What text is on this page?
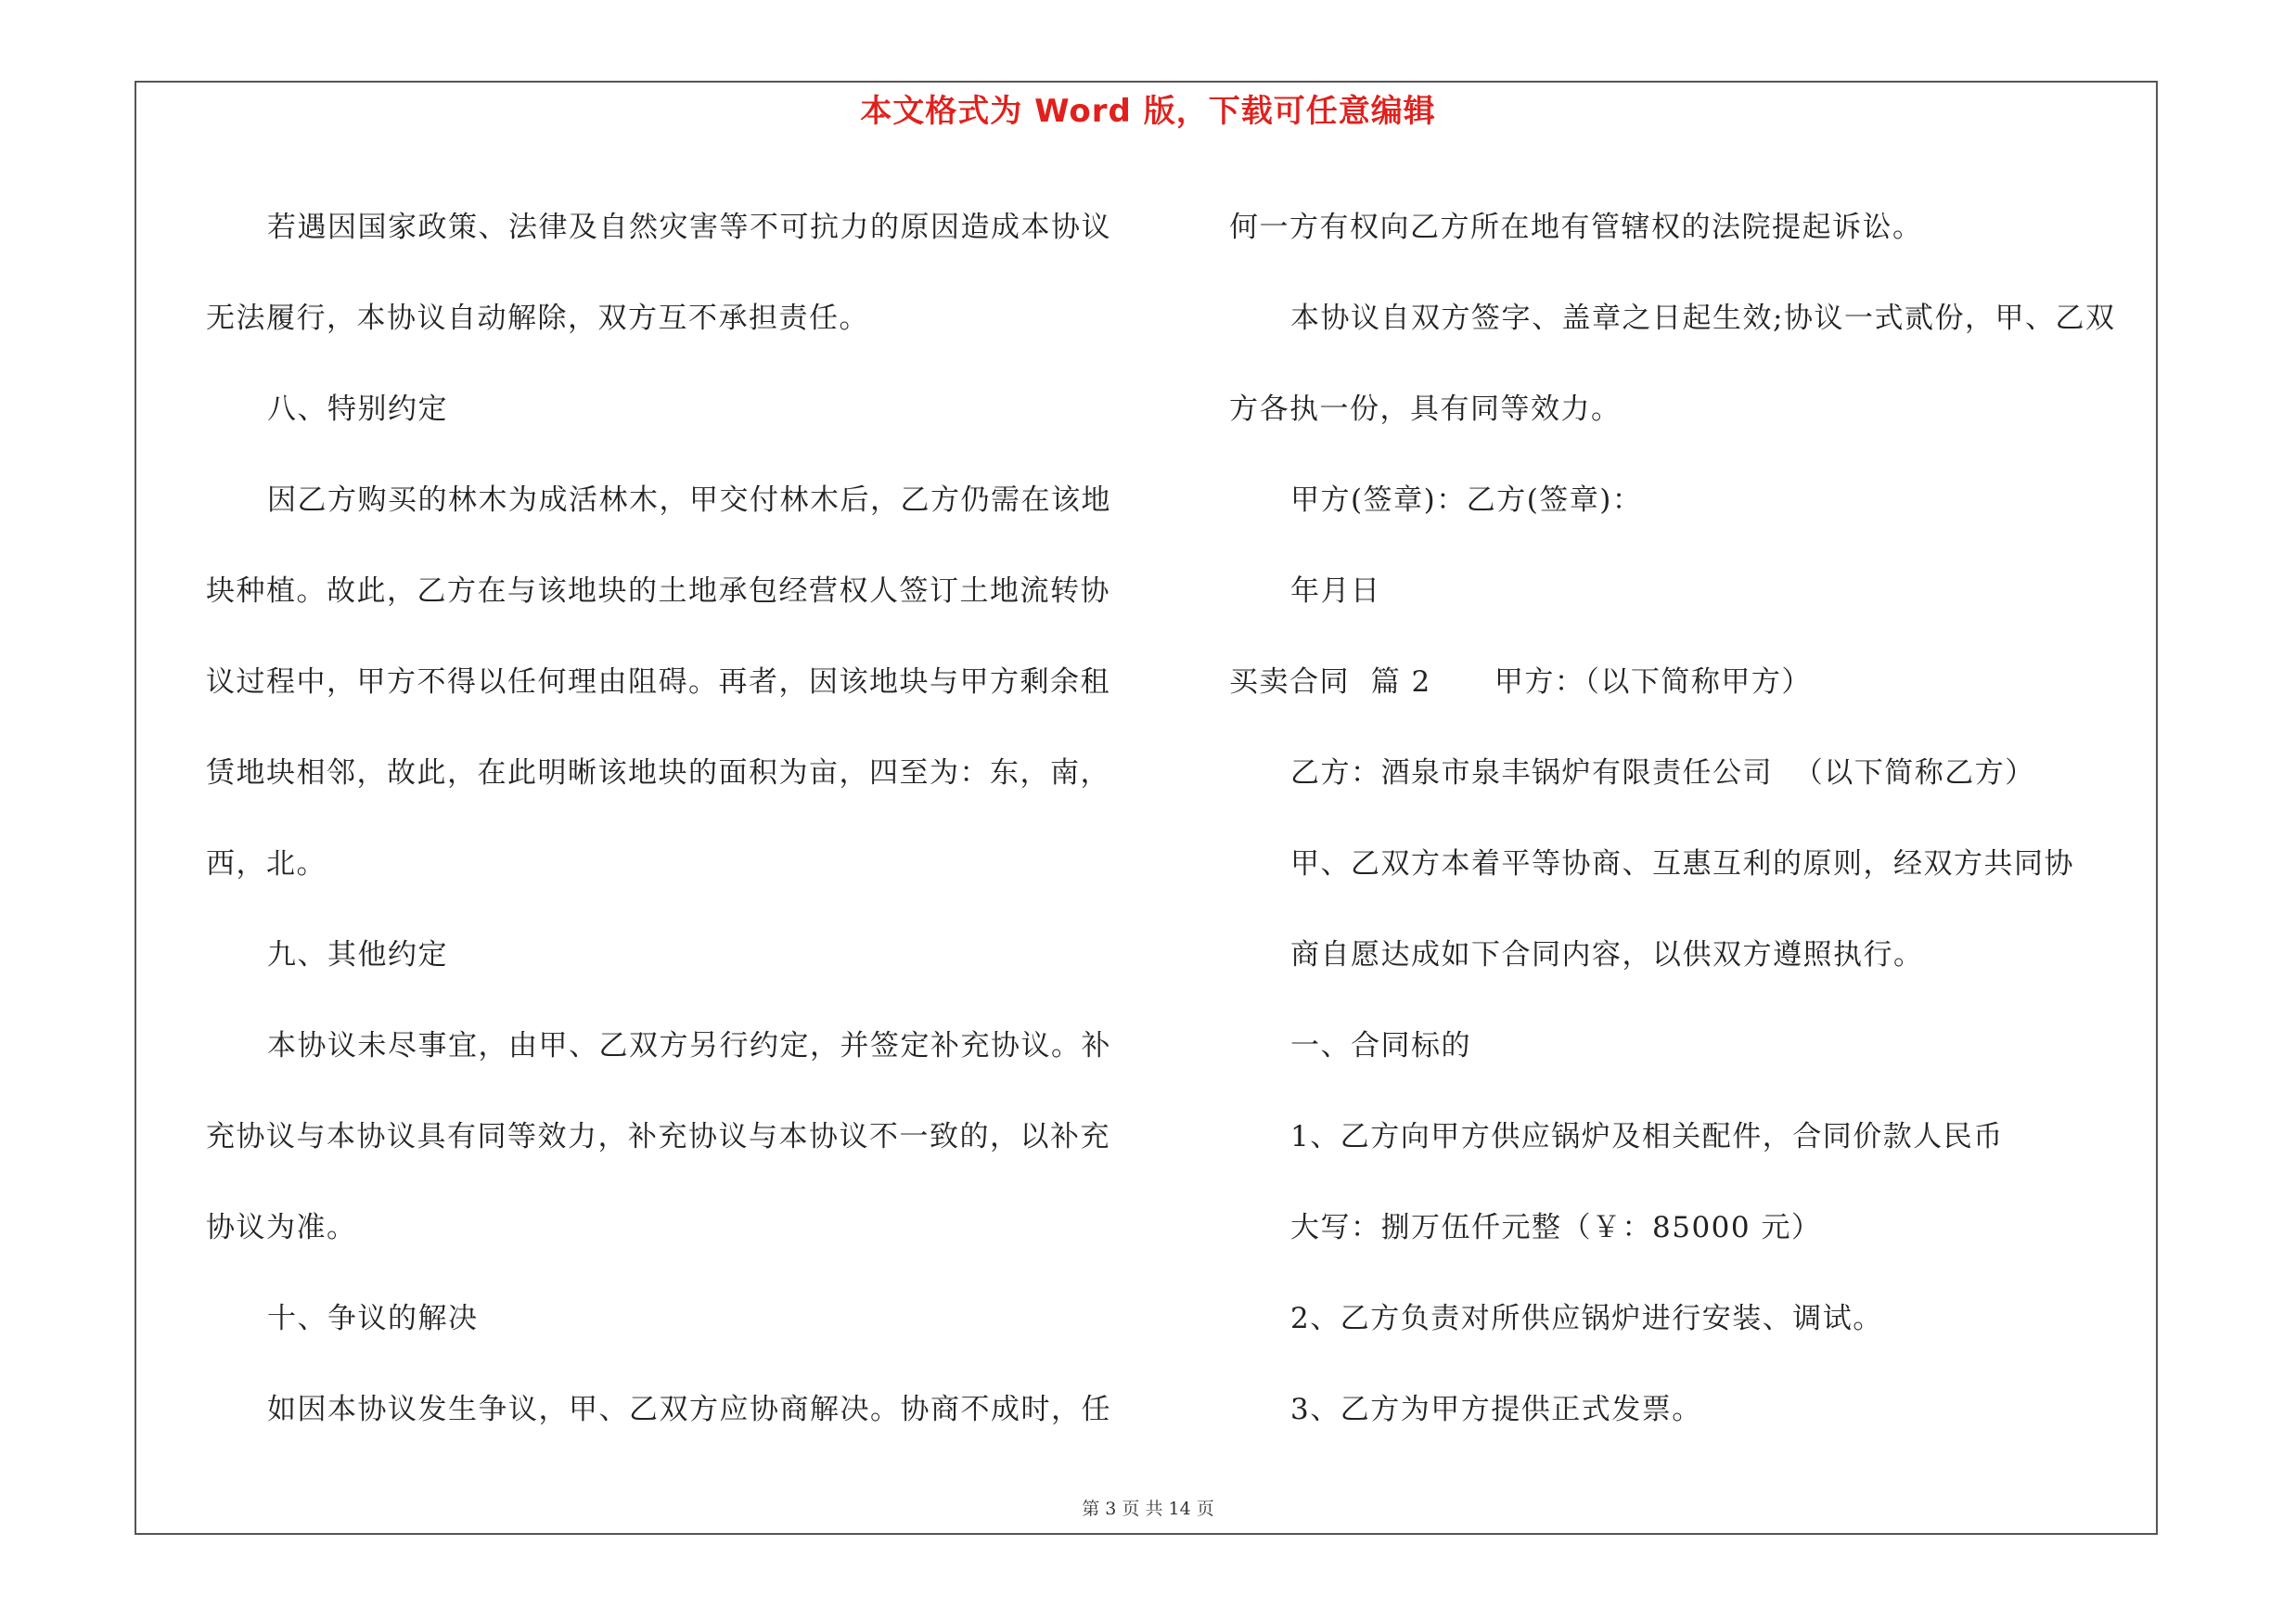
本文格式为 Word 版，下载可任意编辑

若遇因国家政策、法律及自然灾害等不可抗力的原因造成本协议

无法履行，本协议自动解除，双方互不承担责任。

八、特别约定

因乙方购买的林木为成活林木，甲交付林木后，乙方仍需在该地

块种植。故此，乙方在与该地块的土地承包经营权人签订土地流转协

议过程中，甲方不得以任何理由阻碍。再者，因该地块与甲方剩余租

赁地块相邻，故此，在此明晰该地块的面积为亩，四至为：东，南，

西，北。

九、其他约定

本协议未尽事宜，由甲、乙双方另行约定，并签定补充协议。补

充协议与本协议具有同等效力，补充协议与本协议不一致的，以补充

协议为准。

十、争议的解决

如因本协议发生争议，甲、乙双方应协商解决。协商不成时，任

何一方有权向乙方所在地有管辖权的法院提起诉讼。

本协议自双方签字、盖章之日起生效;协议一式贰份，甲、乙双

方各执一份，具有同等效力。

甲方(签章)：乙方(签章)：

年月日

买卖合同  篇 2      甲方：（以下简称甲方）

乙方：酒泉市泉丰锅炉有限责任公司  （以下简称乙方）

甲、乙双方本着平等协商、互惠互利的原则，经双方共同协

商自愿达成如下合同内容，以供双方遵照执行。

一、合同标的

1、乙方向甲方供应锅炉及相关配件，合同价款人民币

大写：捌万伍仟元整（￥：85000 元）

2、乙方负责对所供应锅炉进行安装、调试。

3、乙方为甲方提供正式发票。

第 3 页 共 14 页
